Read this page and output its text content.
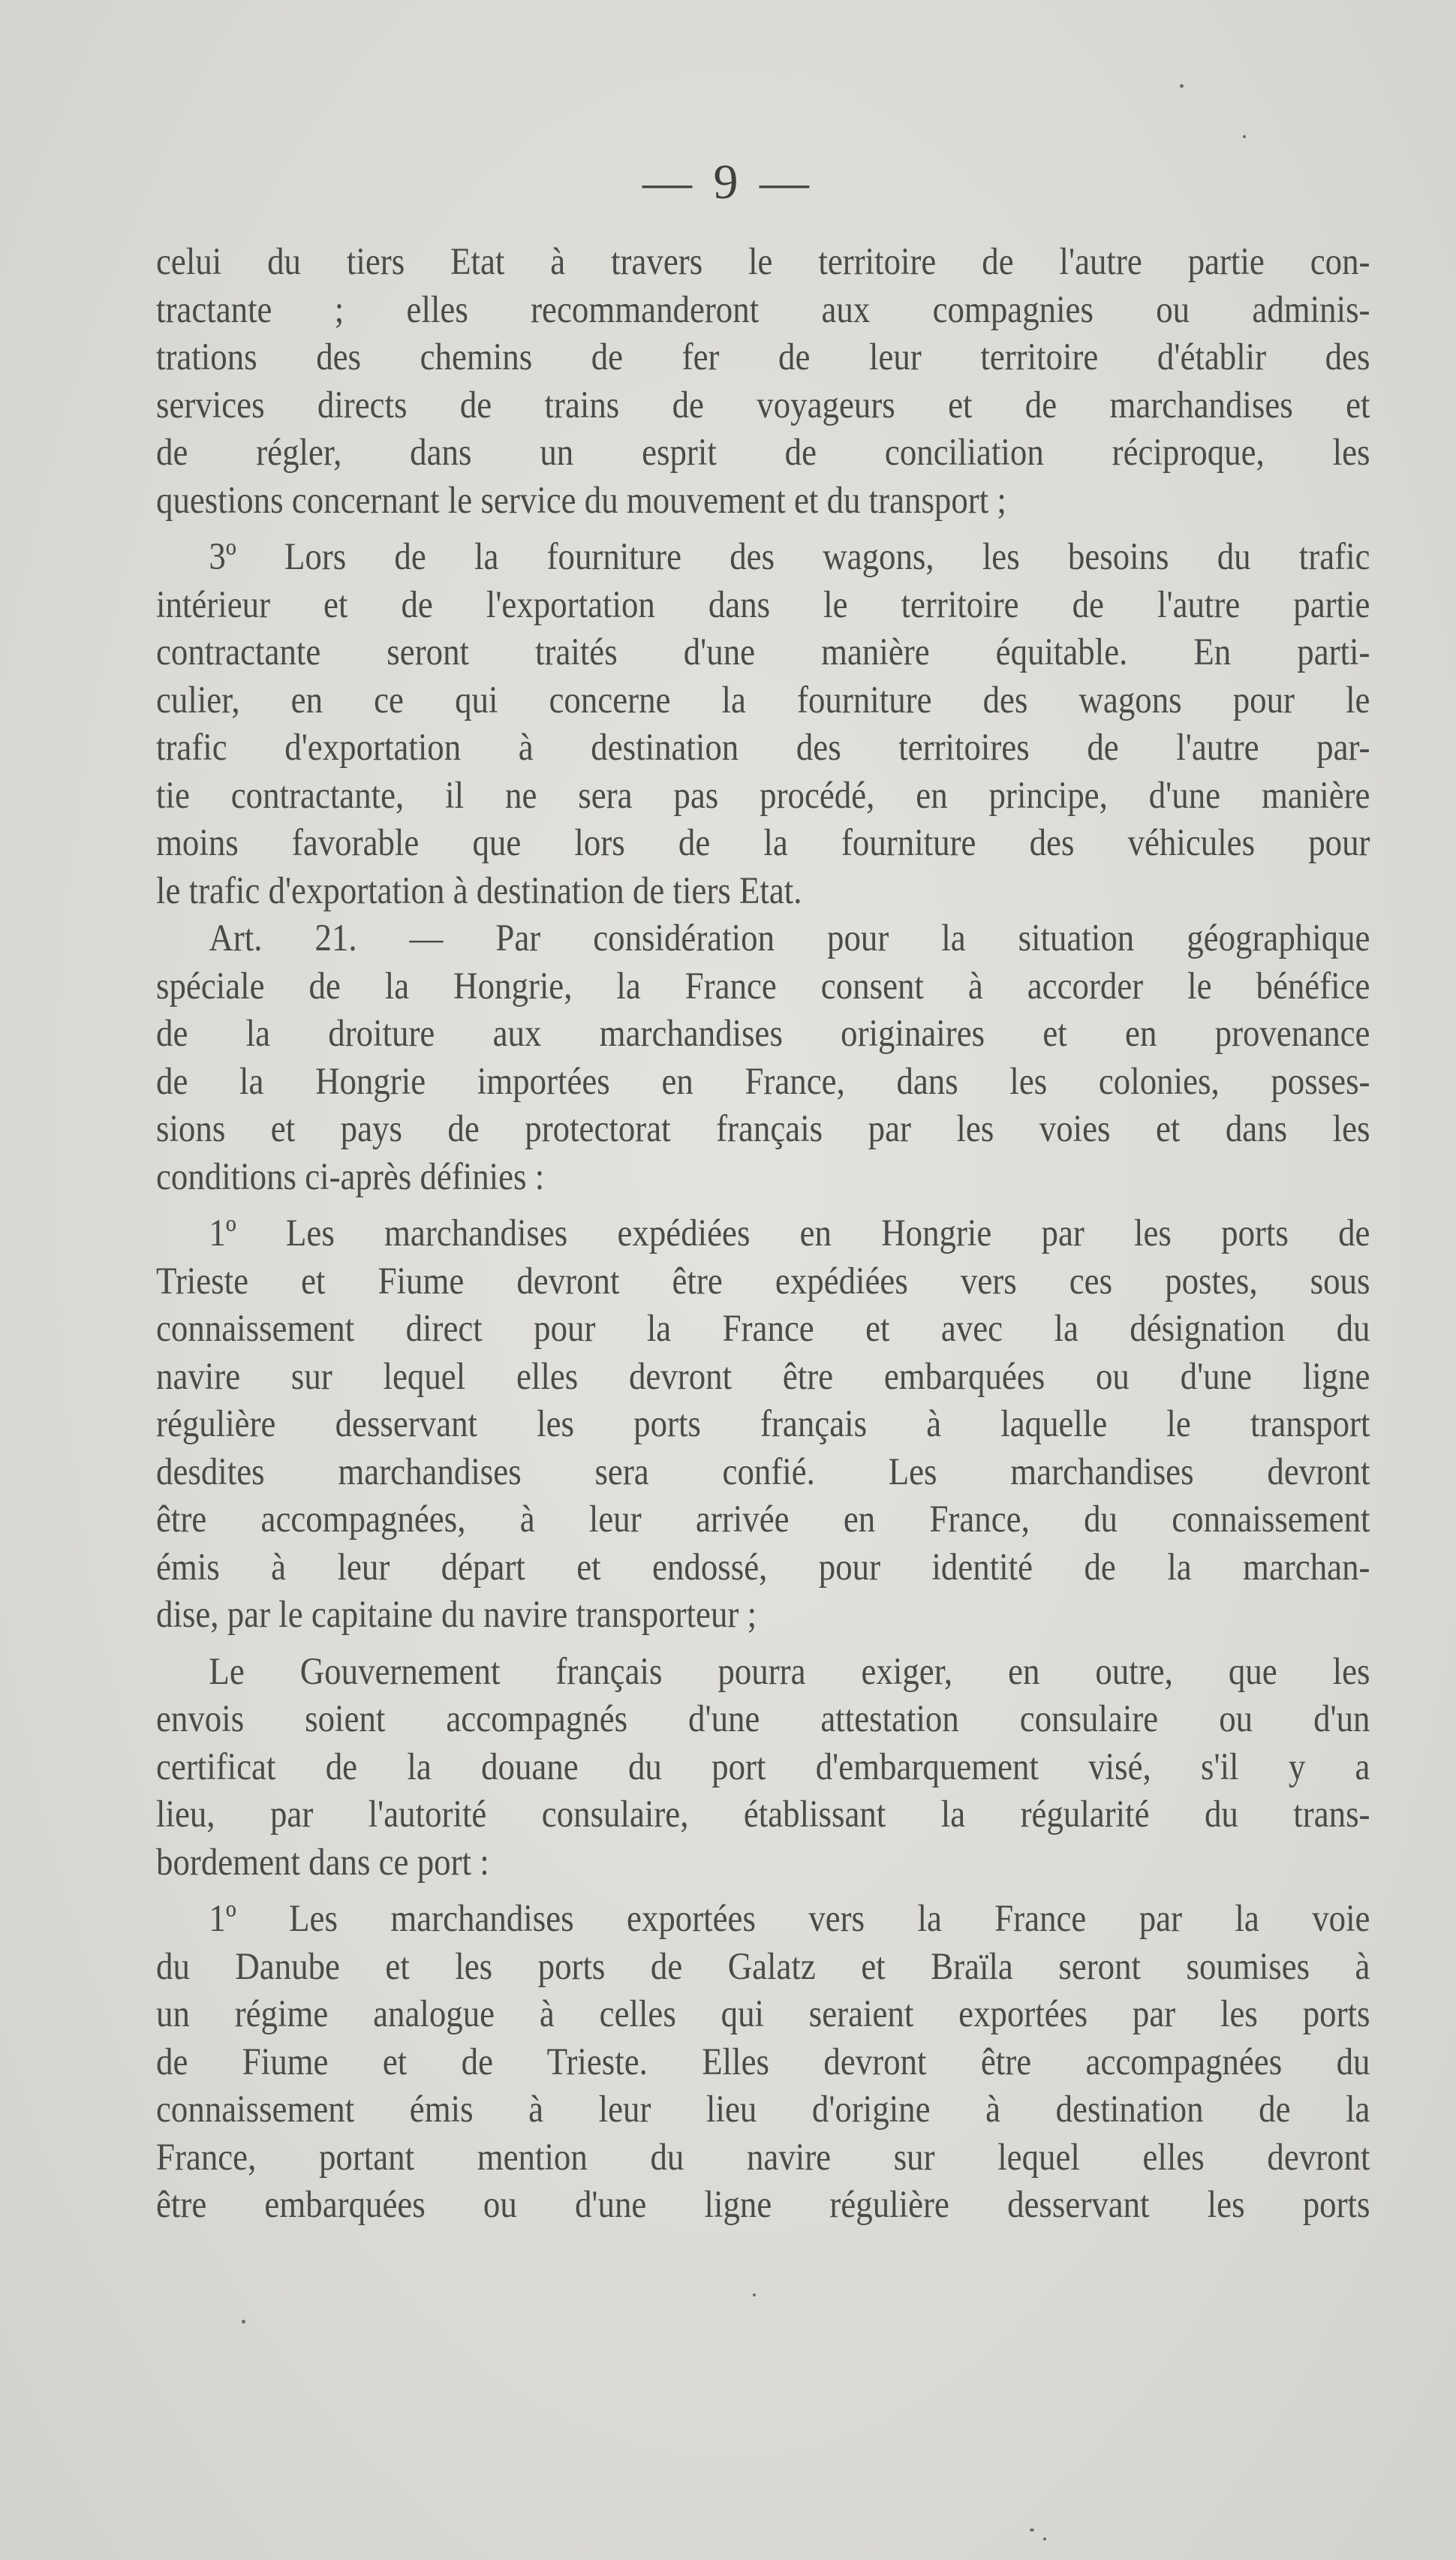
— 9 —
celui du tiers Etat à travers le territoire de l'autre partie con-
tractante ; elles recommanderont aux compagnies ou adminis-
trations des chemins de fer de leur territoire d'établir des
services directs de trains de voyageurs et de marchandises et
de régler, dans un esprit de conciliation réciproque, les
questions concernant le service du mouvement et du transport ;
3º Lors de la fourniture des wagons, les besoins du trafic
intérieur et de l'exportation dans le territoire de l'autre partie
contractante seront traités d'une manière équitable. En parti-
culier, en ce qui concerne la fourniture des wagons pour le
trafic d'exportation à destination des territoires de l'autre par-
tie contractante, il ne sera pas procédé, en principe, d'une manière
moins favorable que lors de la fourniture des véhicules pour
le trafic d'exportation à destination de tiers Etat.
Art. 21. — Par considération pour la situation géographique
spéciale de la Hongrie, la France consent à accorder le bénéfice
de la droiture aux marchandises originaires et en provenance
de la Hongrie importées en France, dans les colonies, posses-
sions et pays de protectorat français par les voies et dans les
conditions ci-après définies :
1º Les marchandises expédiées en Hongrie par les ports de
Trieste et Fiume devront être expédiées vers ces postes, sous
connaissement direct pour la France et avec la désignation du
navire sur lequel elles devront être embarquées ou d'une ligne
régulière desservant les ports français à laquelle le transport
desdites marchandises sera confié. Les marchandises devront
être accompagnées, à leur arrivée en France, du connaissement
émis à leur départ et endossé, pour identité de la marchan-
dise, par le capitaine du navire transporteur ;
Le Gouvernement français pourra exiger, en outre, que les
envois soient accompagnés d'une attestation consulaire ou d'un
certificat de la douane du port d'embarquement visé, s'il y a
lieu, par l'autorité consulaire, établissant la régularité du trans-
bordement dans ce port :
1º Les marchandises exportées vers la France par la voie
du Danube et les ports de Galatz et Braïla seront soumises à
un régime analogue à celles qui seraient exportées par les ports
de Fiume et de Trieste. Elles devront être accompagnées du
connaissement émis à leur lieu d'origine à destination de la
France, portant mention du navire sur lequel elles devront
être embarquées ou d'une ligne régulière desservant les ports
